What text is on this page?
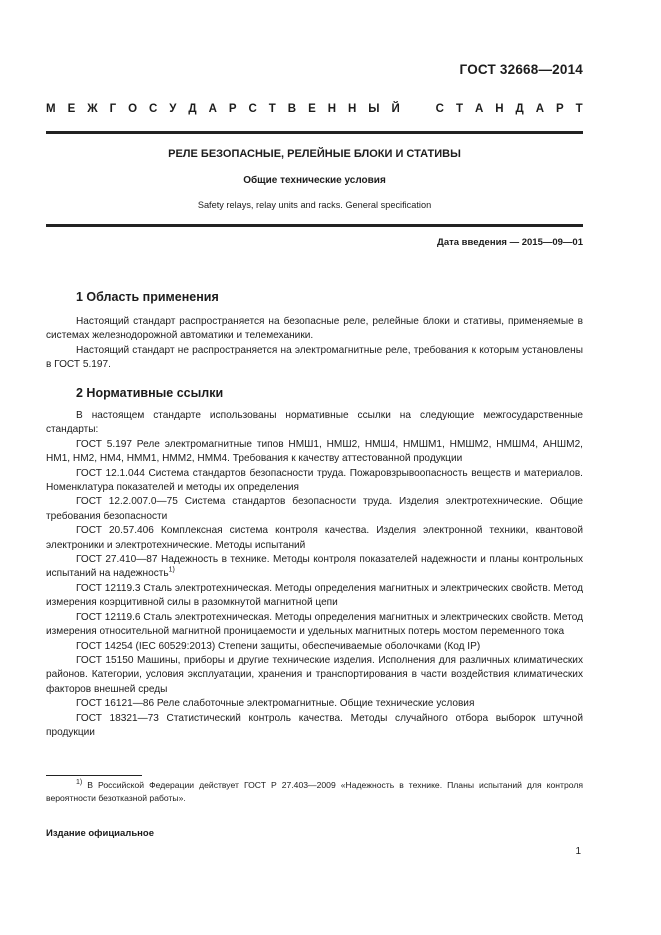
ГОСТ 32668—2014
М Е Ж Г О С У Д А Р С Т В Е Н Н Ы Й	С Т А Н Д А Р Т
РЕЛЕ БЕЗОПАСНЫЕ, РЕЛЕЙНЫЕ БЛОКИ И СТАТИВЫ
Общие технические условия
Safety relays, relay units and racks. General specification
Дата введения — 2015—09—01
1 Область применения

Настоящий стандарт распространяется на безопасные реле, релейные блоки и стативы, применяемые в системах железнодорожной автоматики и телемеханики.

Настоящий стандарт не распространяется на электромагнитные реле, требования к которым установлены в ГОСТ 5.197.

2 Нормативные ссылки

В настоящем стандарте использованы нормативные ссылки на следующие межгосударственные стандарты:

ГОСТ 5.197 Реле электромагнитные типов НМШ1, НМШ2, НМШ4, НМШМ1, НМШМ2, НМШМ4, АНШМ2, НМ1, НМ2, НМ4, НММ1, НММ2, НММ4. Требования к качеству аттестованной продукции

ГОСТ 12.1.044 Система стандартов безопасности труда. Пожаровзрывоопасность веществ и материалов. Номенклатура показателей и методы их определения

ГОСТ 12.2.007.0—75 Система стандартов безопасности труда. Изделия электротехнические. Общие требования безопасности

ГОСТ 20.57.406 Комплексная система контроля качества. Изделия электронной техники, квантовой электроники и электротехнические. Методы испытаний

ГОСТ 27.410—87 Надежность в технике. Методы контроля показателей надежности и планы контрольных испытаний на надежность$^{1)}$

ГОСТ 12119.3 Сталь электротехническая. Методы определения магнитных и электрических свойств. Метод измерения коэрцитивной силы в разомкнутой магнитной цепи

ГОСТ 12119.6 Сталь электротехническая. Методы определения магнитных и электрических свойств. Метод измерения относительной магнитной проницаемости и удельных магнитных потерь мостом переменного тока

ГОСТ 14254 (IEC 60529:2013) Степени защиты, обеспечиваемые оболочками (Код IP)

ГОСТ 15150 Машины, приборы и другие технические изделия. Исполнения для различных климатических районов. Категории, условия эксплуатации, хранения и транспортирования в части воздействия климатических факторов внешней среды

ГОСТ 16121—86 Реле слаботочные электромагнитные. Общие технические условия

ГОСТ 18321—73 Статистический контроль качества. Методы случайного отбора выборок штучной продукции

$^{1)}$ В Российской Федерации действует ГОСТ Р 27.403—2009 «Надежность в технике. Планы испытаний для контроля вероятности безотказной работы».
Издание официальное
1
